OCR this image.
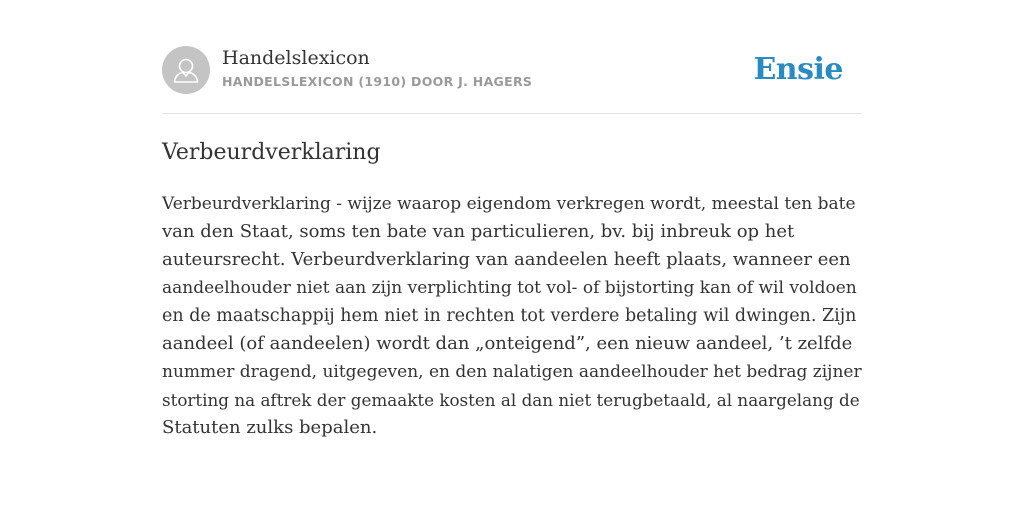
Handelslexicon
HANDELSLEXICON (1910) DOOR J. HAGERS	Ensie
Verbeurdverklaring
Verbeurdverklaring - wijze waarop eigendom verkregen wordt, meestal ten bate
van den Staat, soms ten bate van particulieren, bv. bij inbreuk op het
auteursrecht. Verbeurdverklaring van aandeelen heeft plaats, wanneer een
aandeelhouder niet aan zijn verplichting tot vol- of bijstorting kan of wil voldoen
en de maatschappij hem niet in rechten tot verdere betaling wil dwingen. Zijn
aandeel (of aandeelen) wordt dan „onteigend”, een nieuw aandeel, ’t zelfde
nummer dragend, uitgegeven, en den nalatigen aandeelhouder het bedrag zijner
storting na aftrek der gemaakte kosten al dan niet terugbetaald, al naargelang de
Statuten zulks bepalen.
